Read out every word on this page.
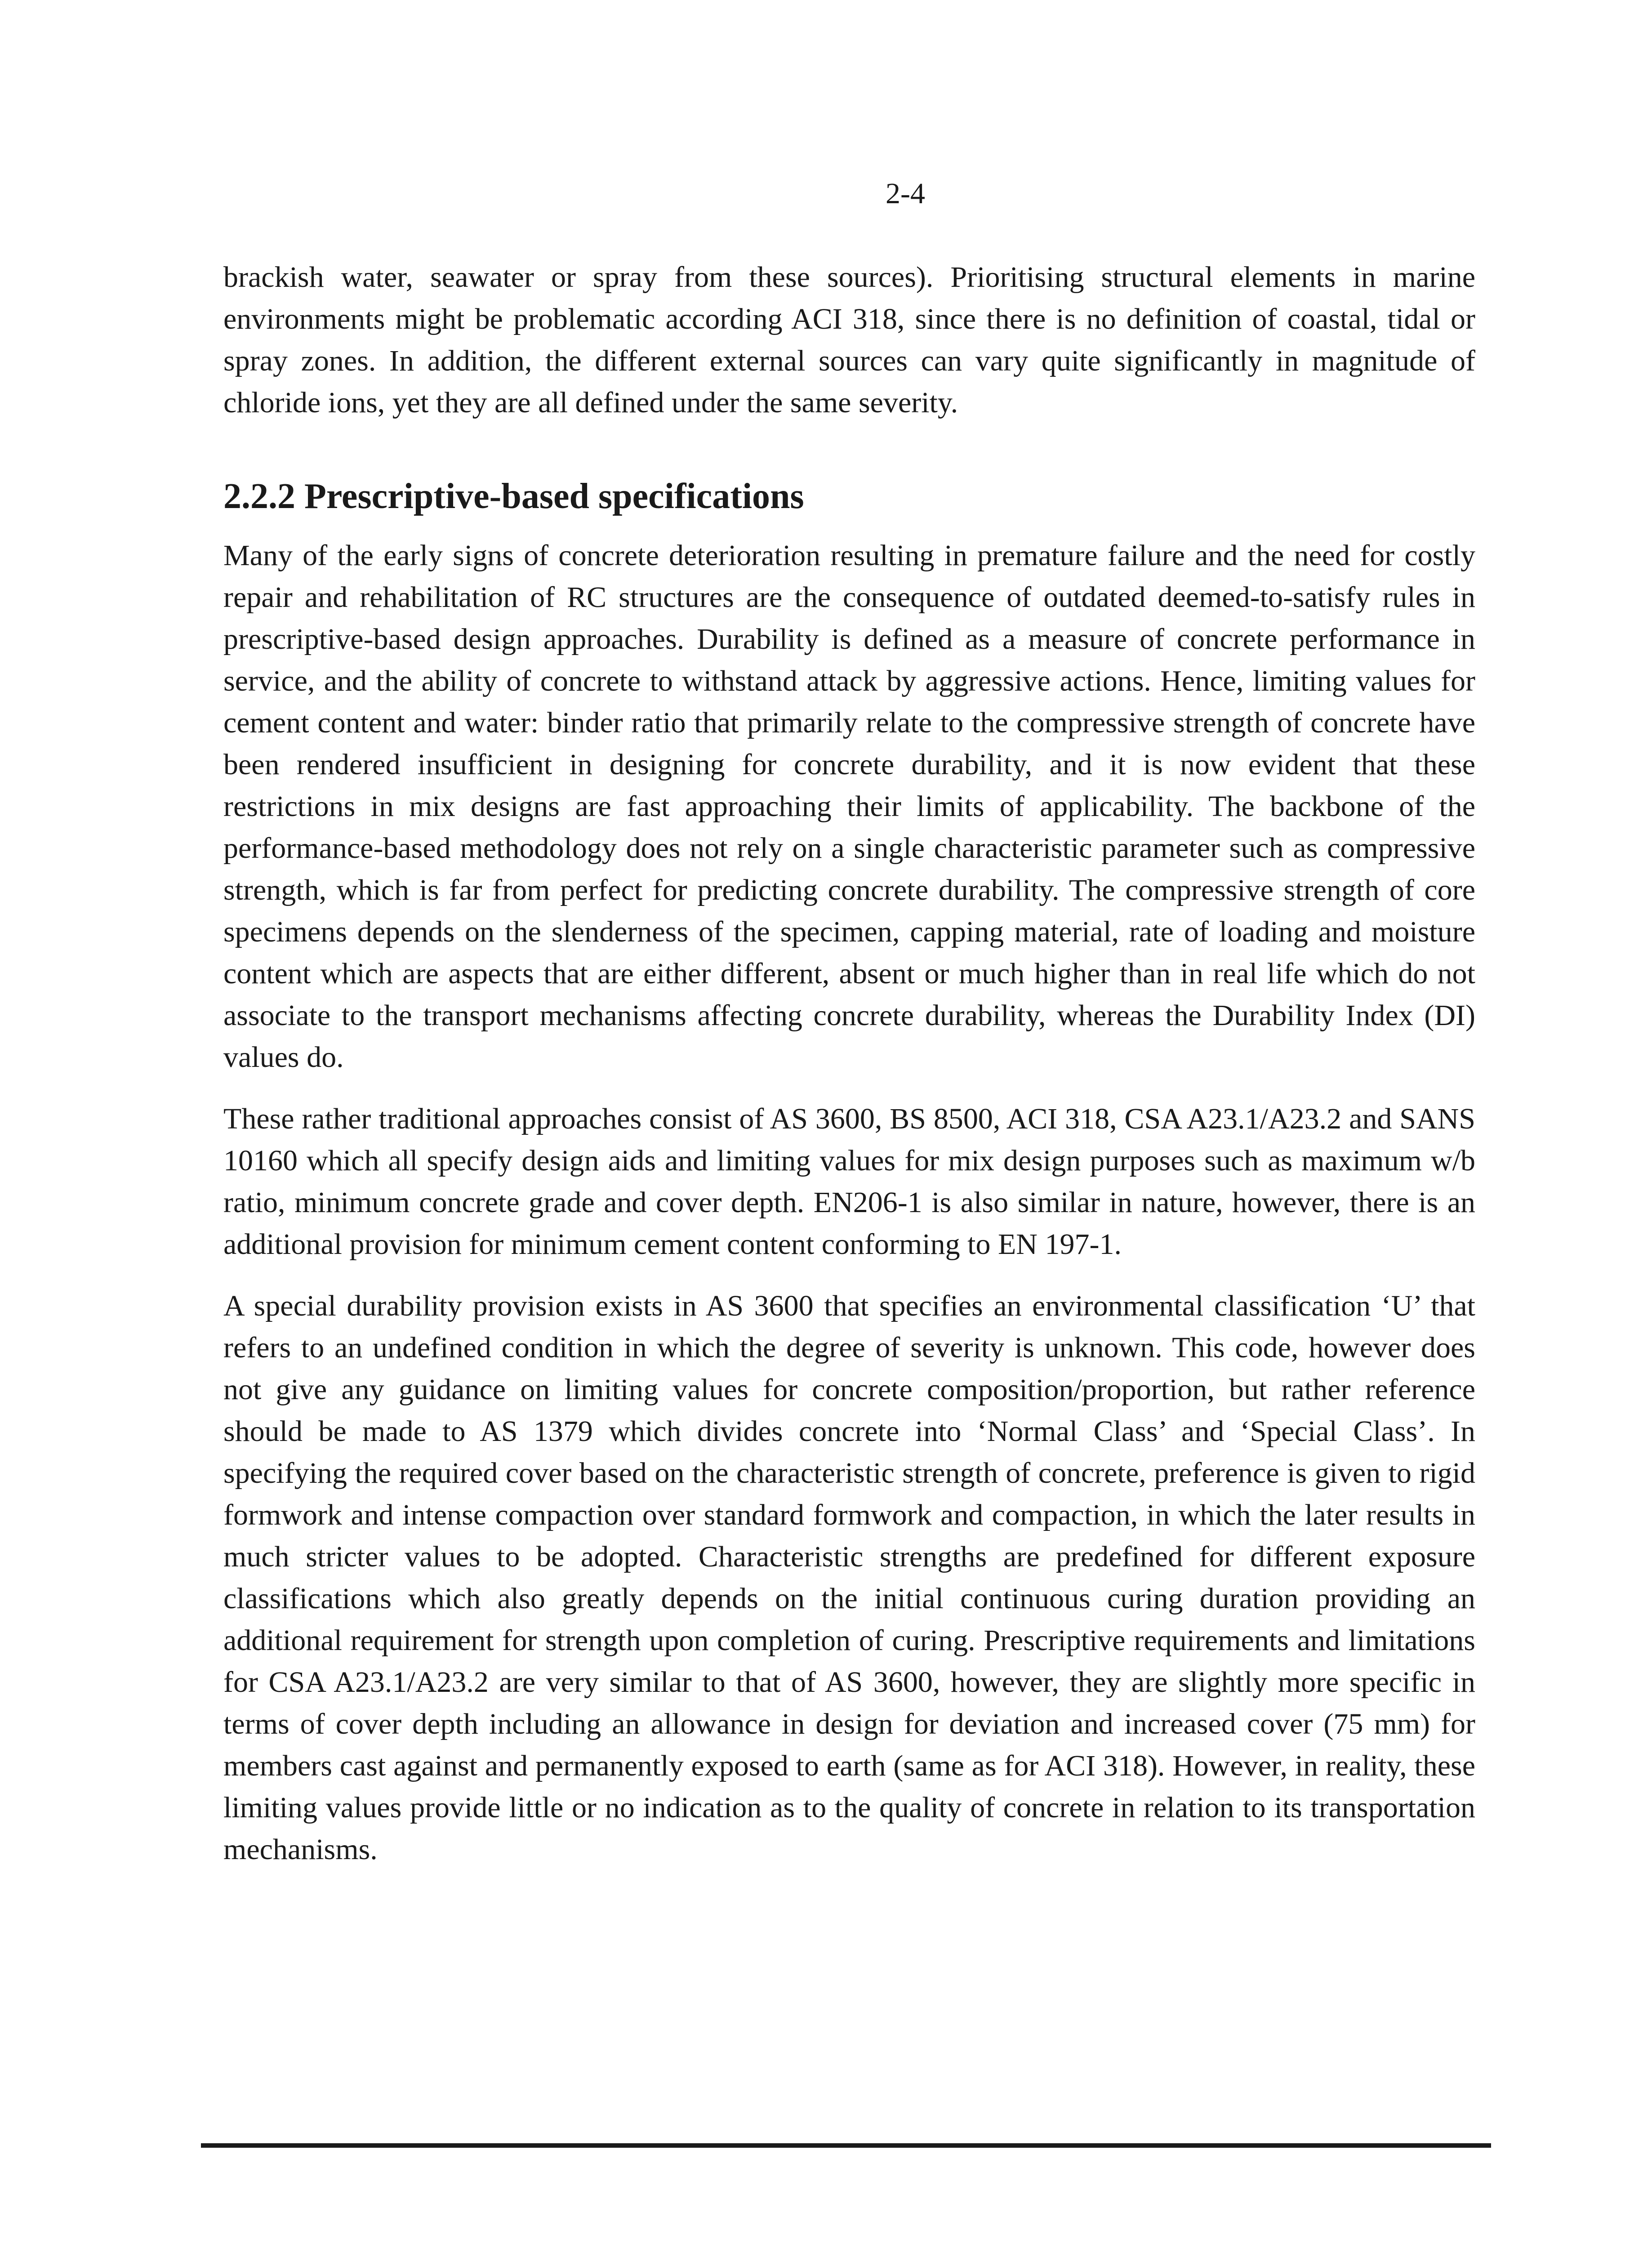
2-4

brackish water, seawater or spray from these sources). Prioritising structural elements in marine environments might be problematic according ACI 318, since there is no definition of coastal, tidal or spray zones. In addition, the different external sources can vary quite significantly in magnitude of chloride ions, yet they are all defined under the same severity.

2.2.2 Prescriptive-based specifications

Many of the early signs of concrete deterioration resulting in premature failure and the need for costly repair and rehabilitation of RC structures are the consequence of outdated deemed-to-satisfy rules in prescriptive-based design approaches. Durability is defined as a measure of concrete performance in service, and the ability of concrete to withstand attack by aggressive actions. Hence, limiting values for cement content and water: binder ratio that primarily relate to the compressive strength of concrete have been rendered insufficient in designing for concrete durability, and it is now evident that these restrictions in mix designs are fast approaching their limits of applicability. The backbone of the performance-based methodology does not rely on a single characteristic parameter such as compressive strength, which is far from perfect for predicting concrete durability. The compressive strength of core specimens depends on the slenderness of the specimen, capping material, rate of loading and moisture content which are aspects that are either different, absent or much higher than in real life which do not associate to the transport mechanisms affecting concrete durability, whereas the Durability Index (DI) values do.

These rather traditional approaches consist of AS 3600, BS 8500, ACI 318, CSA A23.1/A23.2 and SANS 10160 which all specify design aids and limiting values for mix design purposes such as maximum w/b ratio, minimum concrete grade and cover depth. EN206-1 is also similar in nature, however, there is an additional provision for minimum cement content conforming to EN 197-1.

A special durability provision exists in AS 3600 that specifies an environmental classification ‘U’ that refers to an undefined condition in which the degree of severity is unknown. This code, however does not give any guidance on limiting values for concrete composition/proportion, but rather reference should be made to AS 1379 which divides concrete into ‘Normal Class’ and ‘Special Class’. In specifying the required cover based on the characteristic strength of concrete, preference is given to rigid formwork and intense compaction over standard formwork and compaction, in which the later results in much stricter values to be adopted. Characteristic strengths are predefined for different exposure classifications which also greatly depends on the initial continuous curing duration providing an additional requirement for strength upon completion of curing. Prescriptive requirements and limitations for CSA A23.1/A23.2 are very similar to that of AS 3600, however, they are slightly more specific in terms of cover depth including an allowance in design for deviation and increased cover (75 mm) for members cast against and permanently exposed to earth (same as for ACI 318). However, in reality, these limiting values provide little or no indication as to the quality of concrete in relation to its transportation mechanisms.
